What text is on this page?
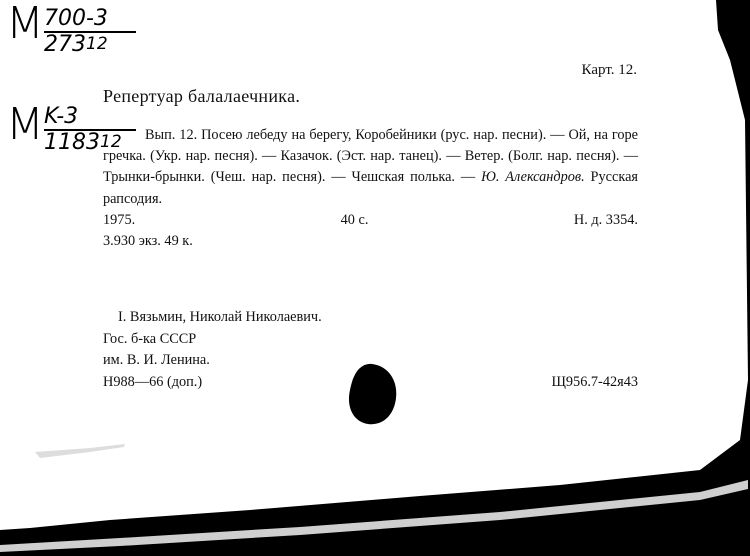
M 700-3
27312
M K-3
118312
Карт. 12.
Репертуар балалаечника.
Вып. 12. Посею лебеду на берегу, Коробейники (рус. нар. песни). — Ой, на горе гречка. (Укр. нар. песня). — Казачок. (Эст. нар. танец). — Ветер. (Болг. нар. песня). — Трынки-брынки. (Чеш. нар. песня). — Чешская полька. — Ю. Александров. Русская рапсодия.
1975.	40 с.	Н. д. 3354.
3.930 экз. 49 к.
I. Вязьмин, Николай Николаевич.
Гос. б-ка СССР
им. В. И. Ленина.
Н988—66 (доп.)	Щ956.7-42я43
